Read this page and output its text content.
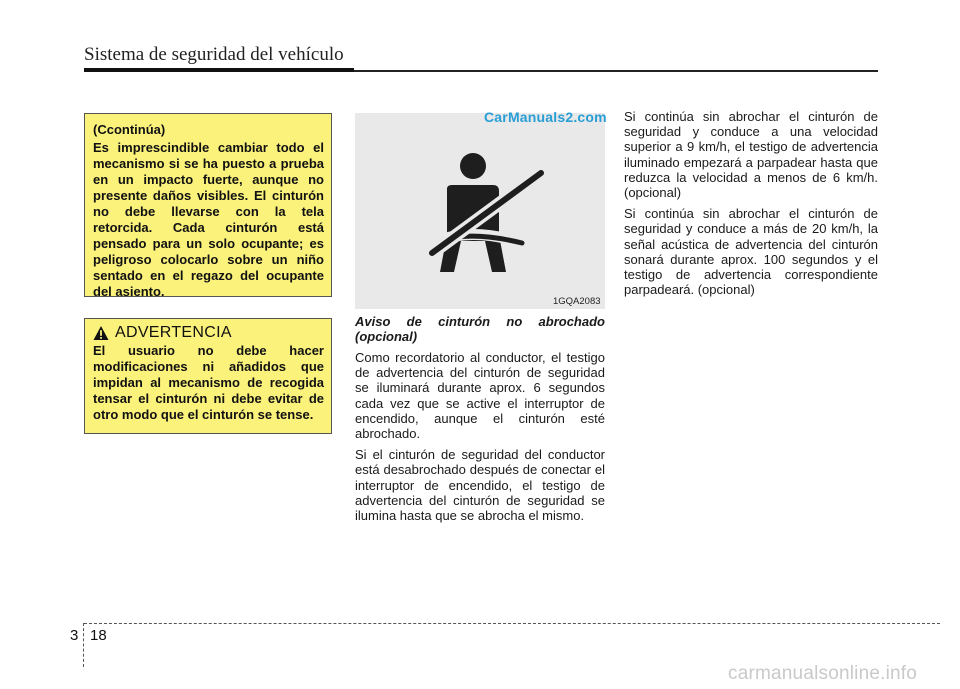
Sistema de seguridad del vehículo

(Ccontinúa)

Es imprescindible cambiar todo el mecanismo si se ha puesto a prueba en un impacto fuerte, aunque no presente daños visibles. El cinturón no debe llevarse con la tela retorcida. Cada cinturón está pensado para un solo ocupante; es peligroso colocarlo sobre un niño sentado en el regazo del ocupante del asiento.

ADVERTENCIA

El usuario no debe hacer modificaciones ni añadidos que impidan al mecanismo de recogida tensar el cinturón ni debe evitar de otro modo que el cinturón se tense.

CarManuals2.com
1GQA2083

Aviso de cinturón no abrochado (opcional)

Como recordatorio al conductor, el testigo de advertencia del cinturón de seguridad se iluminará durante aprox. 6 segundos cada vez que se active el interruptor de encendido, aunque el cinturón esté abrochado.

Si el cinturón de seguridad del conductor está desabrochado después de conectar el interruptor de encendido, el testigo de advertencia del cinturón de seguridad se ilumina hasta que se abrocha el mismo.

Si continúa sin abrochar el cinturón de seguridad y conduce a una velocidad superior a 9 km/h, el testigo de advertencia iluminado empezará a parpadear hasta que reduzca la velocidad a menos de 6 km/h. (opcional)

Si continúa sin abrochar el cinturón de seguridad y conduce a más de 20 km/h, la señal acústica de advertencia del cinturón sonará durante aprox. 100 segundos y el testigo de advertencia correspondiente parpadeará. (opcional)

3 18
carmanualsonline.info
